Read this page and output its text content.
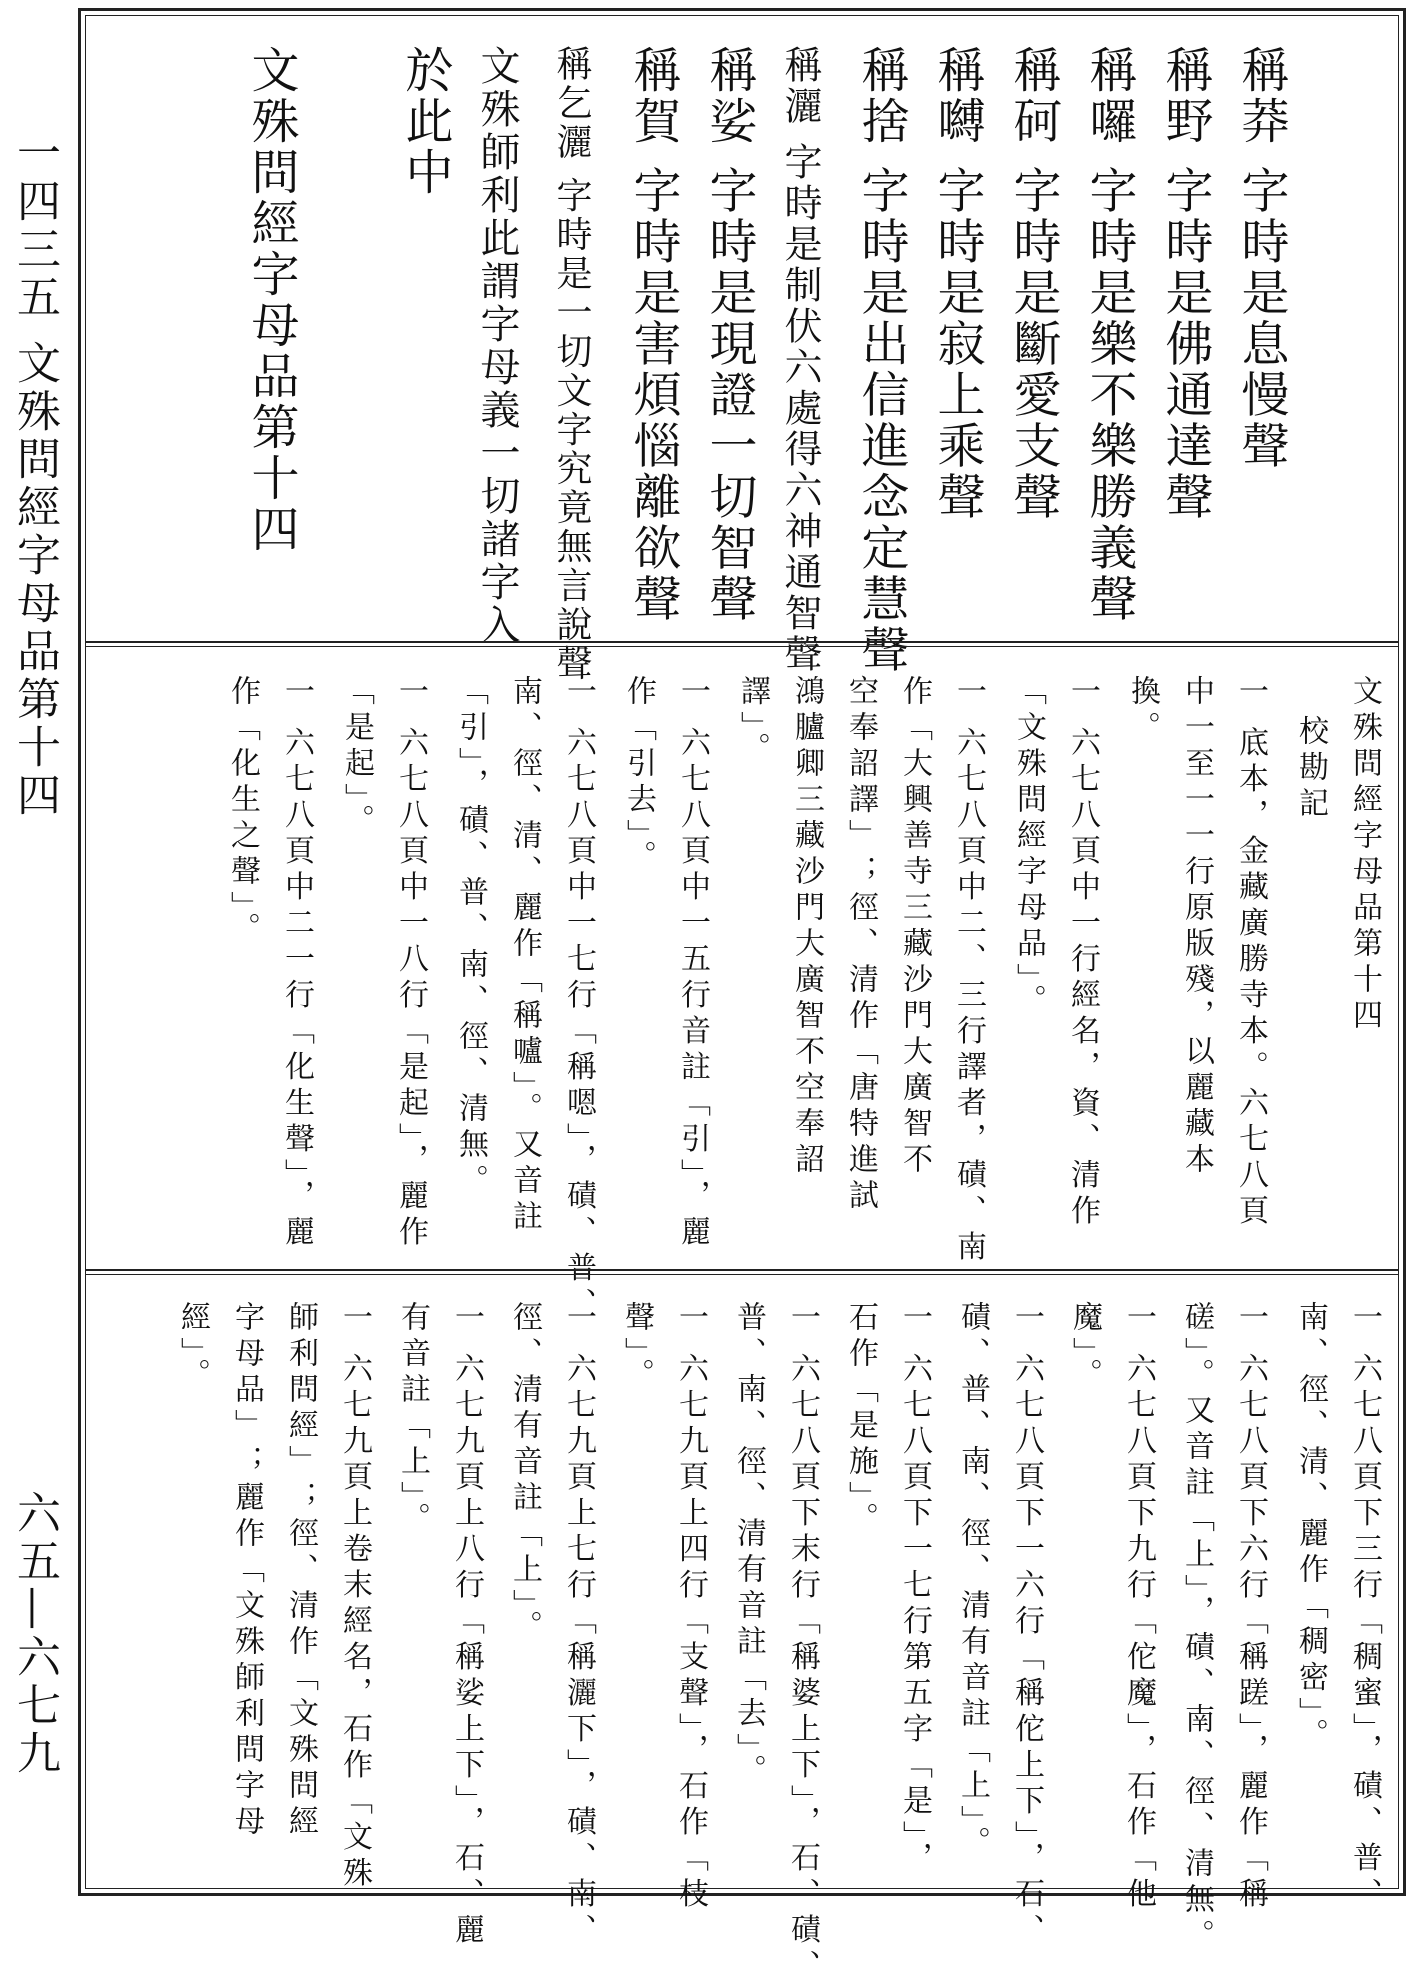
一四三五 文殊問經字母品第十四
六五—六七九
稱莽 字時是息慢聲
稱野 字時是佛通達聲
稱囉 字時是樂不樂勝義聲
稱砢 字時是斷愛支聲
稱嚩 字時是寂上乘聲
稱捨 字時是出信進念定慧聲
稱灑 字時是制伏六處得六神通智聲
稱娑 字時是現證一切智聲
稱賀 字時是害煩惱離欲聲
稱乞灑 字時是一切文字究竟無言說聲
文殊師利此謂字母義一切諸字入
於此中
文殊問經字母品第十四
文殊問經字母品第十四
校勘記
一 底本，金藏廣勝寺本。六七八頁
中一至一一行原版殘，以麗藏本
換。
一 六七八頁中一行經名，資、清作
「文殊問經字母品」。
一 六七八頁中二、三行譯者，磧、南
作「大興善寺三藏沙門大廣智不
空奉詔譯」；徑、清作「唐特進試
鴻臚卿三藏沙門大廣智不空奉詔
譯」。
一 六七八頁中一五行音註「引」，麗
作「引去」。
一 六七八頁中一七行「稱嗯」，磧、普、
南、徑、清、麗作「稱嚧」。又音註
「引」，磧、普、南、徑、清無。
一 六七八頁中一八行「是起」，麗作
「是起」。
一 六七八頁中二一行「化生聲」，麗
作「化生之聲」。
一 六七八頁下三行「稠蜜」，磧、普、
南、徑、清、麗作「稠密」。
一 六七八頁下六行「稱蹉」，麗作「稱
磋」。又音註「上」，磧、南、徑、清無。
一 六七八頁下九行「佗魔」，石作「他
魔」。
一 六七八頁下一六行「稱佗上下」，石、
磧、普、南、徑、清有音註「上」。
一 六七八頁下一七行第五字「是」，
石作「是施」。
一 六七八頁下末行「稱婆上下」，石、磧、
普、南、徑、清有音註「去」。
一 六七九頁上四行「支聲」，石作「枝
聲」。
一 六七九頁上七行「稱灑下」，磧、南、
徑、清有音註「上」。
一 六七九頁上八行「稱娑上下」，石、麗
有音註「上」。
一 六七九頁上卷末經名，石作「文殊
師利問經」；徑、清作「文殊問經
字母品」；麗作「文殊師利問字母
經」。
